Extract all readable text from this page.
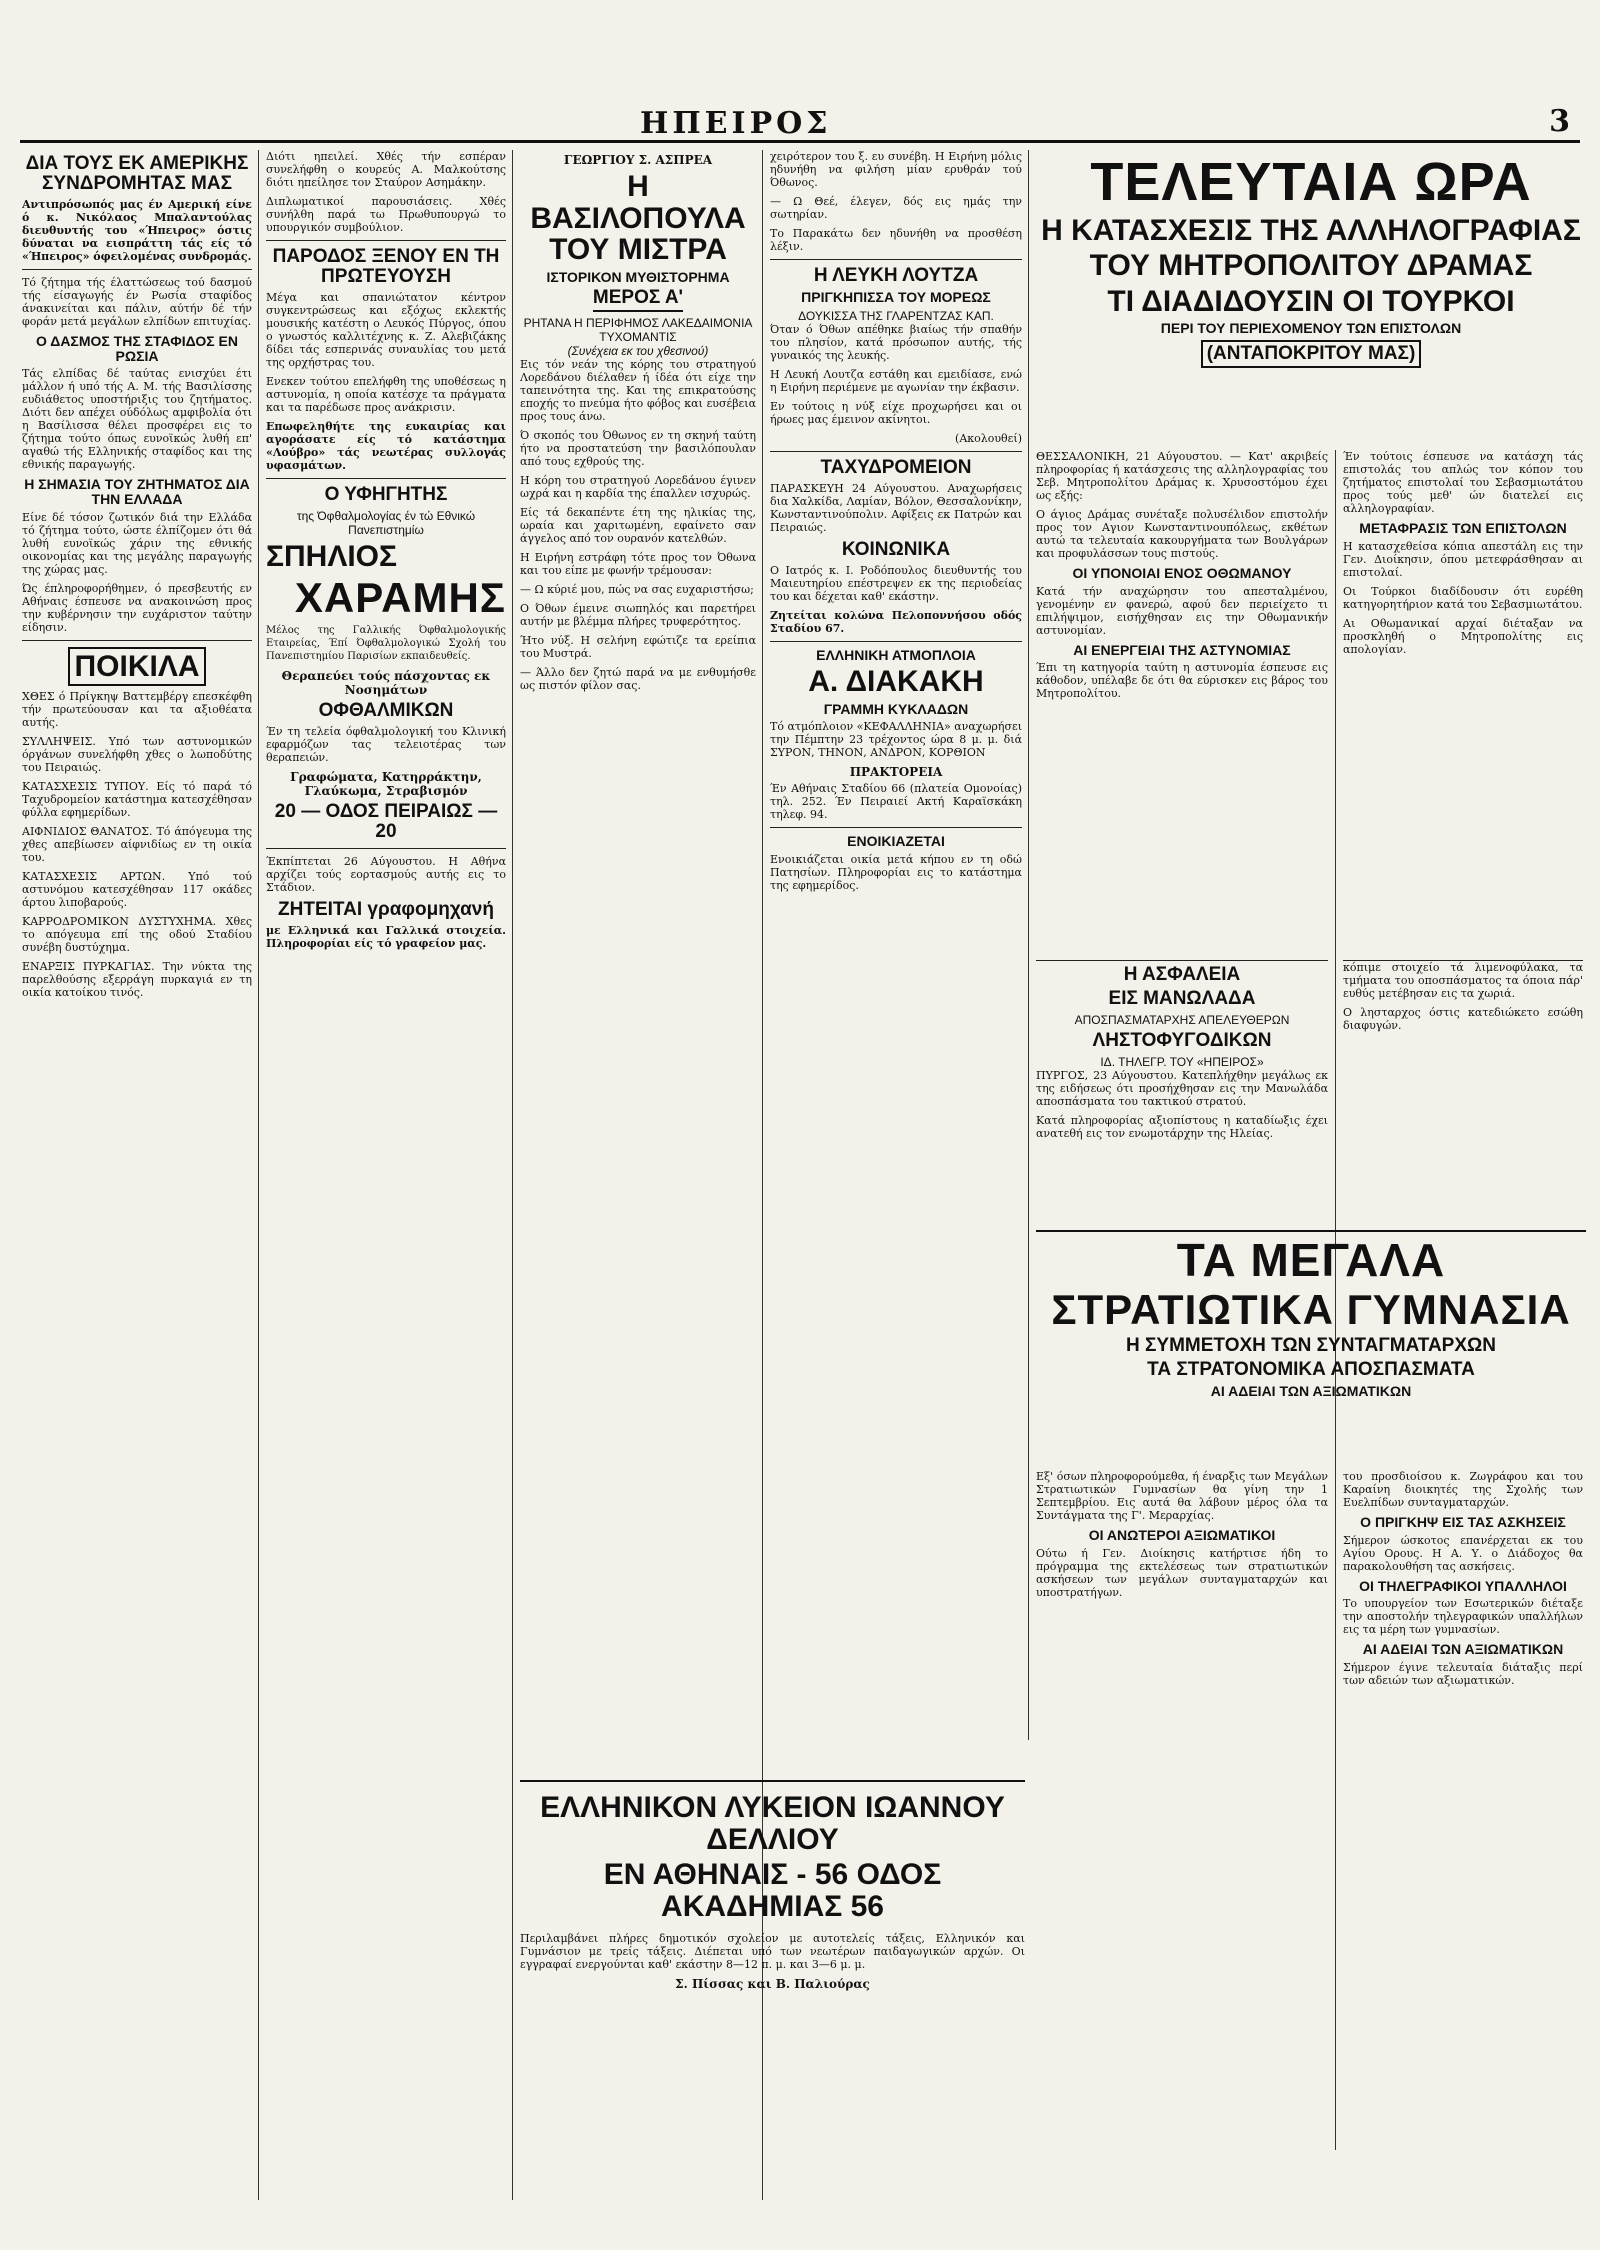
ΗΠΕΙΡΟΣ	3
ΔΙΑ ΤΟΥΣ ΕΚ ΑΜΕΡΙΚΗΣ ΣΥΝΔΡΟΜΗΤΑΣ ΜΑΣ

Αντιπρόσωπός μας έν Αμερική είνε ό κ. Νικόλαος Μπαλαντούλας διευθυντής του «Ήπειρος» όστις δύναται να εισπράττη τάς είς τό «Ήπειρος» όφειλομένας συνδρομάς.

Τό ζήτημα τής έλαττώσεως τού δασμού τής είσαγωγής έν Ρωσία σταφίδος άνακινείται και πάλιν, αύτήν δέ τήν φοράν μετά μεγάλων ελπίδων επιτυχίας.

Ο ΔΑΣΜΟΣ ΤΗΣ ΣΤΑΦΙΔΟΣ ΕΝ ΡΩΣΙΑ

Τάς ελπίδας δέ ταύτας ενισχύει έτι μάλλον ή υπό τής Α. Μ. τής Βασιλίσσης ευδιάθετος υποστήριξις του ζητήματος. Διότι δεν απέχει ούδόλως αμφιβολία ότι η Βασίλισσα θέλει προσφέρει εις το ζήτημα τούτο όπως ευνοϊκώς λυθή επ' αγαθώ τής Ελληνικής σταφίδος και της εθνικής παραγωγής.

Η ΣΗΜΑΣΙΑ ΤΟΥ ΖΗΤΗΜΑΤΟΣ ΔΙΑ ΤΗΝ ΕΛΛΑΔΑ

Είνε δέ τόσον ζωτικόν διά την Ελλάδα τό ζήτημα τούτο, ώστε έλπίζομεν ότι θά λυθή ευνοϊκώς χάριν της εθνικής οικονομίας και της μεγάλης παραγωγής της χώρας μας.

Ώς έπληροφορήθημεν, ό πρεσβευτής εν Αθήναις έσπευσε να ανακοινώση προς την κυβέρνησιν την ευχάριστον ταύτην είδησιν.

ΠΟΙΚΙΛΑ

ΧΘΕΣ ό Πρίγκηψ Βαττεμβέργ επεσκέφθη τήν πρωτεύουσαν και τα αξιοθέατα αυτής.

ΣΥΛΛΗΨΕΙΣ. Υπό των αστυνομικών όργάνων συνελήφθη χθες ο λωποδύτης του Πειραιώς.

ΚΑΤΑΣΧΕΣΙΣ ΤΥΠΟΥ. Είς τό παρά τό Ταχυδρομείον κατάστημα κατεσχέθησαν φύλλα εφημερίδων.

ΑΙΦΝΙΔΙΟΣ ΘΑΝΑΤΟΣ. Τό άπόγευμα της χθες απεβίωσεν αίφνιδίως εν τη οικία του.

ΚΑΤΑΣΧΕΣΙΣ ΑΡΤΩΝ. Υπό τού αστυνόμου κατεσχέθησαν 117 οκάδες άρτου λιποβαρούς.

ΚΑΡΡΟΔΡΟΜΙΚΟΝ ΔΥΣΤΥΧΗΜΑ. Χθες το απόγευμα επί της οδού Σταδίου συνέβη δυστύχημα.

ΕΝΑΡΞΙΣ ΠΥΡΚΑΓΙΑΣ. Την νύκτα της παρελθούσης εξερράγη πυρκαγιά εν τη οικία κατοίκου τινός.

Διότι ηπειλεί. Χθές τήν εσπέραν συνελήφθη ο κουρεύς Α. Μαλκούτσης διότι ηπείλησε τον Σταύρον Ασημάκην.

Διπλωματικοί παρουσιάσεις. Χθές συνήλθη παρά τω Πρωθυπουργώ το υπουργικόν συμβούλιον.

ΠΑΡΟΔΟΣ ΞΕΝΟΥ ΕΝ ΤΗ ΠΡΩΤΕΥΟΥΣΗ

Μέγα και σπανιώτατον κέντρον συγκεντρώσεως και εξόχως εκλεκτής μουσικής κατέστη ο Λευκός Πύργος, όπου ο γνωστός καλλιτέχνης κ. Ζ. Αλεβιζάκης δίδει τάς εσπερινάς συναυλίας του μετά της ορχήστρας του.

Ενεκεν τούτου επελήφθη της υποθέσεως η αστυνομία, η οποία κατέσχε τα πράγματα και τα παρέδωσε προς ανάκρισιν.

Επωφεληθήτε της ευκαιρίας και αγοράσατε είς τό κατάστημα «Λούβρο» τάς νεωτέρας συλλογάς υφασμάτων.

Ο ΥΦΗΓΗΤΗΣ
της Όφθαλμολογίας έν τώ Εθνικώ Πανεπιστημίω
ΣΠΗΛΙΟΣ
ΧΑΡΑΜΗΣ

Μέλος της Γαλλικής Όφθαλμολογικής Εταιρείας, Έπί Όφθαλμολογικώ Σχολή του Πανεπιστημίου Παρισίων εκπαιδευθείς.

Θεραπεύει τούς πάσχοντας εκ Νοσημάτων
ΟΦΘΑΛΜΙΚΩΝ

Έν τη τελεία όφθαλμολογική του Κλινική εφαρμόζων τας τελειοτέρας των θεραπειών.

Γραφώματα, Κατηρράκτην, Γλαύκωμα, Στραβισμόν
20 — ΟΔΟΣ ΠΕΙΡΑΙΩΣ — 20

Έκπίπτεται 26 Αύγουστου. Η Αθήνα αρχίζει τούς εορτασμούς αυτής εις το Στάδιον.

ΖΗΤΕΙΤΑΙ γραφομηχανή

με Ελληνικά και Γαλλικά στοιχεία. Πληροφορίαι είς τό γραφείον μας.

ΓΕΩΡΓΙΟΥ Σ. ΑΣΠΡΕΑ
Η ΒΑΣΙΛΟΠΟΥΛΑ ΤΟΥ ΜΙΣΤΡΑ
ΙΣΤΟΡΙΚΟΝ ΜΥΘΙΣΤΟΡΗΜΑ
ΜΕΡΟΣ Α'
ΡΗΤΑΝΑ Η ΠΕΡΙΦΗΜΟΣ ΛΑΚΕΔΑΙΜΟΝΙΑ ΤΥΧΟΜΑΝΤΙΣ
(Συνέχεια εκ του χθεσινού)

Εις τόν νεάν της κόρης του στρατηγού Λορεδάνου διέλαθεν ή ίδέα ότι είχε την ταπεινότητα της. Και της επικρατούσης εποχής το πνεύμα ήτο φόβος και ευσέβεια προς τους άνω.

Ό σκοπός του Όθωνος εν τη σκηνή ταύτη ήτο να προστατεύση την βασιλόπουλαν από τους εχθρούς της.

Η κόρη του στρατηγού Λορεδάνου έγινεν ωχρά και η καρδία της έπαλλεν ισχυρώς.

Είς τά δεκαπέντε έτη της ηλικίας της, ωραία και χαριτωμένη, εφαίνετο σαν άγγελος από τον ουρανόν κατελθών.

Η Ειρήνη εστράφη τότε προς τον Όθωνα και του είπε με φωνήν τρέμουσαν:

— Ω κύριέ μου, πώς να σας ευχαριστήσω;

Ο Όθων έμεινε σιωπηλός και παρετήρει αυτήν με βλέμμα πλήρες τρυφερότητος.

Ήτο νύξ. Η σελήνη εφώτιζε τα ερείπια του Μυστρά.

— Άλλο δεν ζητώ παρά να με ενθυμήσθε ως πιστόν φίλον σας.

χειρότερον του ξ. ευ συνέβη. Η Ειρήνη μόλις ηδυνήθη να φιλήση μίαν ερυθράν τού Όθωνος.

— Ω Θεέ, έλεγεν, δός εις ημάς την σωτηρίαν.

Το Παρακάτω δεν ηδυνήθη να προσθέση λέξιν.

Η ΛΕΥΚΗ ΛΟΥΤΖΑ
ΠΡΙΓΚΗΠΙΣΣΑ ΤΟΥ ΜΟΡΕΩΣ
ΔΟΥΚΙΣΣΑ ΤΗΣ ΓΛΑΡΕΝΤΖΑΣ ΚΑΠ.

Όταν ό Όθων απέθηκε βιαίως τήν σπαθήν του πλησίον, κατά πρόσωπον αυτής, τής γυναικός της λευκής.

Η Λευκή Λουτζα εστάθη και εμειδίασε, ενώ η Ειρήνη περιέμενε με αγωνίαν την έκβασιν.

Εν τούτοις η νύξ είχε προχωρήσει και οι ήρωες μας έμεινον ακίνητοι.

(Ακολουθεί)
ΤΑΧΥΔΡΟΜΕΙΟΝ

ΠΑΡΑΣΚΕΥΗ 24 Αύγουστου. Αναχωρήσεις δια Χαλκίδα, Λαμίαν, Βόλον, Θεσσαλονίκην, Κωνσταντινούπολιν. Αφίξεις εκ Πατρών και Πειραιώς.

ΚΟΙΝΩΝΙΚΑ

Ο Ιατρός κ. Ι. Ροδόπουλος διευθυντής του Μαιευτηρίου επέστρεψεν εκ της περιοδείας του και δέχεται καθ' εκάστην.

Ζητείται κολώνα Πελοποννήσου οδός Σταδίου 67.

ΕΛΛΗΝΙΚΗ ΑΤΜΟΠΛΟΙΑ
Α. ΔΙΑΚΑΚΗ
ΓΡΑΜΜΗ ΚΥΚΛΑΔΩΝ

Τό ατμόπλοιον «ΚΕΦΑΛΛΗΝΙΑ» αναχωρήσει την Πέμπτην 23 τρέχοντος ώρα 8 μ. μ. διά ΣΥΡΟΝ, ΤΗΝΟΝ, ΑΝΔΡΟΝ, ΚΟΡΘΙΟΝ

ΠΡΑΚΤΟΡΕΙΑ

Έν Αθήναις Σταδίου 66 (πλατεία Ομονοίας) τηλ. 252. Έν Πειραιεί Ακτή Καραϊσκάκη τηλεφ. 94.

ΕΝΟΙΚΙΑΖΕΤΑΙ

Ενοικιάζεται οικία μετά κήπου εν τη οδώ Πατησίων. Πληροφορίαι εις το κατάστημα της εφημερίδος.

ΕΛΛΗΝΙΚΟΝ ΛΥΚΕΙΟΝ ΙΩΑΝΝΟΥ ΔΕΛΛΙΟΥ
ΕΝ ΑΘΗΝΑΙΣ - 56 ΟΔΟΣ ΑΚΑΔΗΜΙΑΣ 56

Περιλαμβάνει πλήρες δημοτικόν σχολείον με αυτοτελείς τάξεις, Ελληνικόν και Γυμνάσιον με τρείς τάξεις. Διέπεται υπό των νεωτέρων παιδαγωγικών αρχών. Οι εγγραφαί ενεργούνται καθ' εκάστην 8—12 π. μ. και 3—6 μ. μ.

Σ. Πίσσας και Β. Παλιούρας
ΤΕΛΕΥΤΑΙΑ ΩΡΑ
Η ΚΑΤΑΣΧΕΣΙΣ ΤΗΣ ΑΛΛΗΛΟΓΡΑΦΙΑΣ
ΤΟΥ ΜΗΤΡΟΠΟΛΙΤΟΥ ΔΡΑΜΑΣ
ΤΙ ΔΙΑΔΙΔΟΥΣΙΝ ΟΙ ΤΟΥΡΚΟΙ
ΠΕΡΙ ΤΟΥ ΠΕΡΙΕΧΟΜΕΝΟΥ ΤΩΝ ΕΠΙΣΤΟΛΩΝ
(ΑΝΤΑΠΟΚΡΙΤΟΥ ΜΑΣ)

ΘΕΣΣΑΛΟΝΙΚΗ, 21 Αύγουστου. — Κατ' ακριβείς πληροφορίας ή κατάσχεσις της αλληλογραφίας του Σεβ. Μητροπολίτου Δράμας κ. Χρυσοστόμου έχει ως εξής:

Ο άγιος Δράμας συνέταξε πολυσέλιδον επιστολήν προς τον Αγιον Κωνσταντινουπόλεως, εκθέτων αυτώ τα τελευταία κακουργήματα των Βουλγάρων και προφυλάσσων τους πιστούς.

ΟΙ ΥΠΟΝΟΙΑΙ ΕΝΟΣ ΟΘΩΜΑΝΟΥ

Κατά τήν αναχώρησιν του απεσταλμένου, γενομένην εν φανερώ, αφού δεν περιείχετο τι επιλήψιμον, εισήχθησαν εις την Οθωμανικήν αστυνομίαν.

ΑΙ ΕΝΕΡΓΕΙΑΙ ΤΗΣ ΑΣΤΥΝΟΜΙΑΣ

Έπι τη κατηγορία ταύτη η αστυνομία έσπευσε εις κάθοδον, υπέλαβε δε ότι θα εύρισκεν εις βάρος του Μητροπολίτου.

Έν τούτοις έσπευσε να κατάσχη τάς επιστολάς του απλώς τον κόπον του ζητήματος επιστολαί του Σεβασμιωτάτου προς τούς μεθ' ών διατελεί εις αλληλογραφίαν.

ΜΕΤΑΦΡΑΣΙΣ ΤΩΝ ΕΠΙΣΤΟΛΩΝ

Η κατασχεθείσα κόπια απεστάλη εις την Γεν. Διοίκησιν, όπου μετεφράσθησαν αι επιστολαί.

Οι Τούρκοι διαδίδουσιν ότι ευρέθη κατηγορητήριον κατά του Σεβασμιωτάτου.

Αι Οθωμανικαί αρχαί διέταξαν να προσκληθή ο Μητροπολίτης εις απολογίαν.

Η ΑΣΦΑΛΕΙΑ
ΕΙΣ ΜΑΝΩΛΑΔΑ
ΑΠΟΣΠΑΣΜΑΤΑΡΧΗΣ ΑΠΕΛΕΥΘΕΡΩΝ
ΛΗΣΤΟΦΥΓΟΔΙΚΩΝ
ΙΔ. ΤΗΛΕΓΡ. ΤΟΥ «ΗΠΕΙΡΟΣ»

ΠΥΡΓΟΣ, 23 Αύγουστου. Κατεπλήχθην μεγάλως εκ της ειδήσεως ότι προσήχθησαν εις την Μανωλάδα αποσπάσματα του τακτικού στρατού.

Κατά πληροφορίας αξιοπίστους η καταδίωξις έχει ανατεθή εις τον ενωμοτάρχην της Ηλείας.

κόπιμε στοιχείο τά λιμενοφύλακα, τα τμήματα του οποσπάσματος τα όποια πάρ' ευθύς μετέβησαν εις τα χωριά.

Ο λησταρχος όστις κατεδιώκετο εσώθη διαφυγών.

ΤΑ ΜΕΓΑΛΑ
ΣΤΡΑΤΙΩΤΙΚΑ ΓΥΜΝΑΣΙΑ
Η ΣΥΜΜΕΤΟΧΗ ΤΩΝ ΣΥΝΤΑΓΜΑΤΑΡΧΩΝ
ΤΑ ΣΤΡΑΤΟΝΟΜΙΚΑ ΑΠΟΣΠΑΣΜΑΤΑ
ΑΙ ΑΔΕΙΑΙ ΤΩΝ ΑΞΙΩΜΑΤΙΚΩΝ

Εξ' όσων πληροφορούμεθα, ή έναρξις των Μεγάλων Στρατιωτικών Γυμνασίων θα γίνη την 1 Σεπτεμβρίου. Εις αυτά θα λάβουν μέρος όλα τα Συντάγματα της Γ'. Μεραρχίας.

ΟΙ ΑΝΩΤΕΡΟΙ ΑΞΙΩΜΑΤΙΚΟΙ

Ούτω ή Γεν. Διοίκησις κατήρτισε ήδη το πρόγραμμα της εκτελέσεως των στρατιωτικών ασκήσεων των μεγάλων συνταγματαρχών και υποστρατήγων.

του προσδιοίσου κ. Ζωγράφου και του Καραίνη διοικητές της Σχολής των Ευελπίδων συνταγματαρχών.

Ο ΠΡΙΓΚΗΨ ΕΙΣ ΤΑΣ ΑΣΚΗΣΕΙΣ

Σήμερον ώσκοτος επανέρχεται εκ του Αγίου Ορους. Η Α. Υ. ο Διάδοχος θα παρακολουθήση τας ασκήσεις.

ΟΙ ΤΗΛΕΓΡΑΦΙΚΟΙ ΥΠΑΛΛΗΛΟΙ

Το υπουργείον των Εσωτερικών διέταξε την αποστολήν τηλεγραφικών υπαλλήλων εις τα μέρη των γυμνασίων.

ΑΙ ΑΔΕΙΑΙ ΤΩΝ ΑΞΙΩΜΑΤΙΚΩΝ

Σήμερον έγινε τελευταία διάταξις περί των αδειών των αξιωματικών.
